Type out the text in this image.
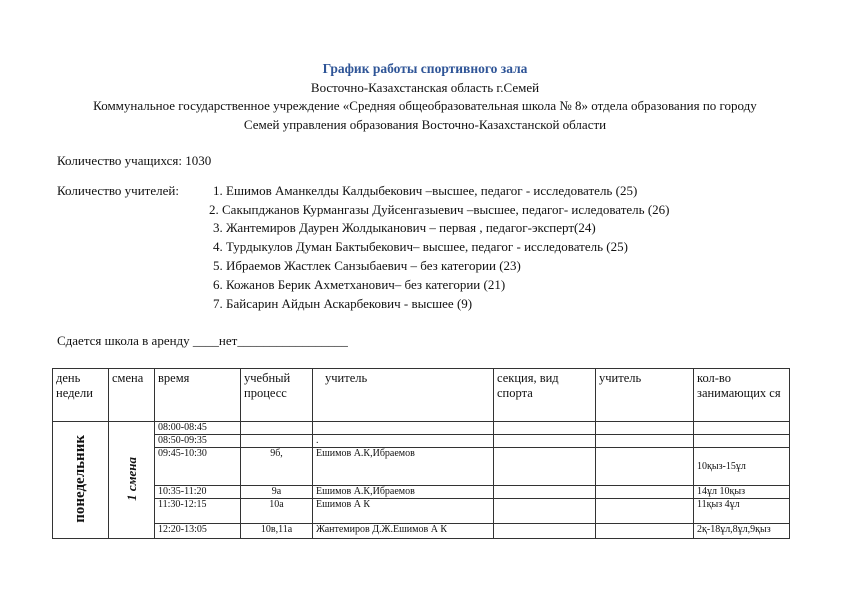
График работы спортивного зала
Восточно-Казахстанская область г.Семей
Коммунальное государственное учреждение «Средняя общеобразовательная школа № 8» отдела образования по городу
Семей управления образования Восточно-Казахстанской области
Количество учащихся: 1030
Количество учителей:	1. Ешимов Аманкелды Калдыбекович –высшее, педагог - исследователь (25)
2. Сакыпджанов Курмангазы Дуйсенгазыевич –высшее, педагог- иследователь (26)
3. Жантемиров Даурен Жолдыканович – первая , педагог-эксперт(24)
4. Турдыкулов Думан Бактыбекович– высшее, педагог - исследователь (25)
5. Ибраемов Жастлек Санзыбаевич – без категории (23)
6. Кожанов Берик Ахметханович– без категории (21)
7. Байсарин Айдын Аскарбекович - высшее (9)
Сдается школа в аренду ____нет_________________
день недели	смена	время	учебный процесс	учитель	секция, вид спорта	учитель	кол-во занимающих ся
понедельник	1 смена	08:00-08:45					
		08:50-09:35		.			
		09:45-10:30	9б,	Ешимов А.К,Ибраемов			10қыз-15ұл
		10:35-11:20	9а	Ешимов А.К,Ибраемов			14ұл 10қыз
		11:30-12:15	10а	Ешимов А К			11қыз 4ұл
		12:20-13:05	10в,11а	Жантемиров Д.Ж.Ешимов А К			2қ-18ұл,8ұл,9қыз
